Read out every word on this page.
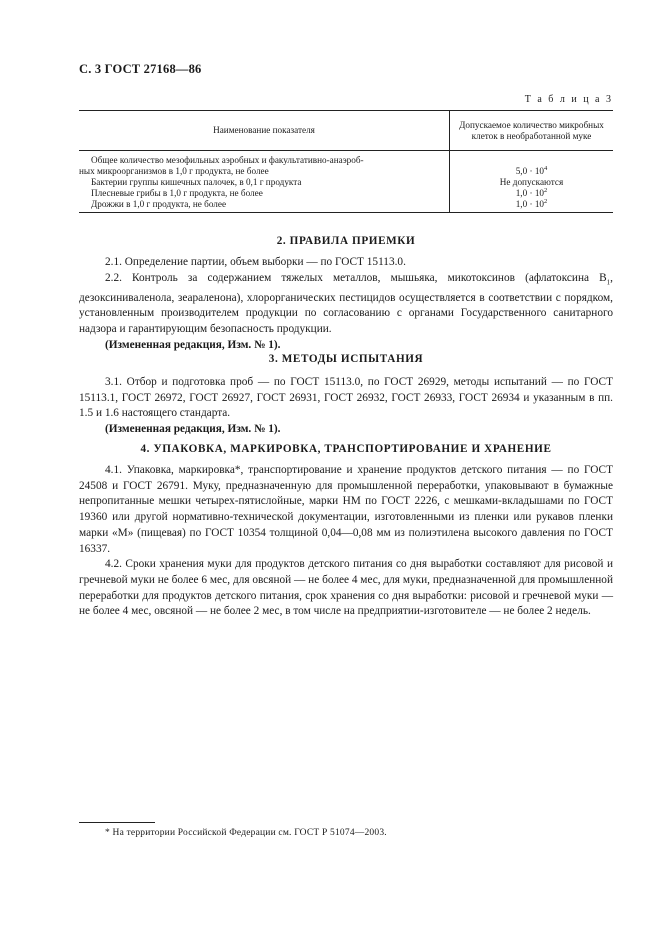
С. 3 ГОСТ 27168—86
Т а б л и ц а 3
Наименование показателя	Допускаемое количество микробных
клеток в необработанной муке

Общее количество мезофильных аэробных и факультативно-анаэроб-
ных микроорганизмов в 1,0 г продукта, не более	$5,0 \cdot 10^4$
Бактерии группы кишечных палочек, в 0,1 г продукта	Не допускаются
Плесневые грибы в 1,0 г продукта, не более	$1,0 \cdot 10^2$
Дрожжи в 1,0 г продукта, не более	$1,0 \cdot 10^2$
2. ПРАВИЛА ПРИЕМКИ
2.1. Определение партии, объем выборки — по ГОСТ 15113.0.
2.2. Контроль за содержанием тяжелых металлов, мышьяка, микотоксинов (афлатоксина $В_1$, дезоксиниваленола, зеараленона), хлорорганических пестицидов осуществляется в соответствии с порядком, установленным производителем продукции по согласованию с органами Государственного санитарного надзора и гарантирующим безопасность продукции.
(Измененная редакция, Изм. № 1).
3. МЕТОДЫ ИСПЫТАНИЯ
3.1. Отбор и подготовка проб — по ГОСТ 15113.0, по ГОСТ 26929, методы испытаний — по ГОСТ 15113.1, ГОСТ 26972, ГОСТ 26927, ГОСТ 26931, ГОСТ 26932, ГОСТ 26933, ГОСТ 26934 и указанным в пп. 1.5 и 1.6 настоящего стандарта.
(Измененная редакция, Изм. № 1).
4. УПАКОВКА, МАРКИРОВКА, ТРАНСПОРТИРОВАНИЕ И ХРАНЕНИЕ
4.1. Упаковка, маркировка*, транспортирование и хранение продуктов детского питания — по ГОСТ 24508 и ГОСТ 26791. Муку, предназначенную для промышленной переработки, упаковывают в бумажные непропитанные мешки четырех-пятислойные, марки НМ по ГОСТ 2226, с мешками-вкладышами по ГОСТ 19360 или другой нормативно-технической документации, изготовленными из пленки или рукавов пленки марки «М» (пищевая) по ГОСТ 10354 толщиной 0,04—0,08 мм из полиэтилена высокого давления по ГОСТ 16337.
4.2. Сроки хранения муки для продуктов детского питания со дня выработки составляют для рисовой и гречневой муки не более 6 мес, для овсяной — не более 4 мес, для муки, предназначенной для промышленной переработки для продуктов детского питания, срок хранения со дня выработки: рисовой и гречневой муки — не более 4 мес, овсяной — не более 2 мес, в том числе на предприятии-изготовителе — не более 2 недель.
* На территории Российской Федерации см. ГОСТ Р 51074—2003.
